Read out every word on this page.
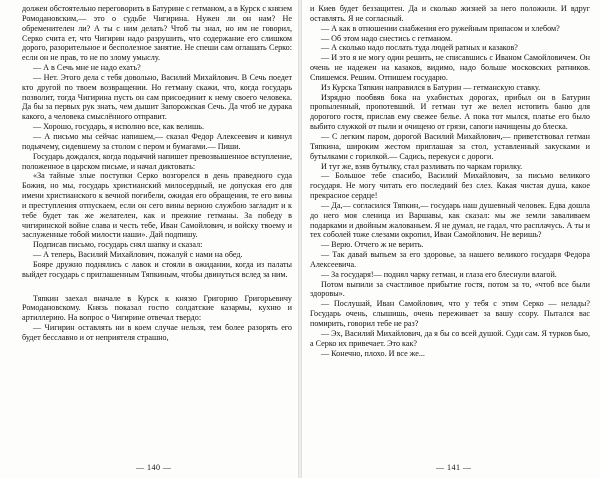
должен обстоятельно переговорить в Батурине с гетманом, а в Курск с князем Ромодановским,— это о судьбе Чигирина. Нужен ли он нам? Не обременителен ли? А ты с ним делать? Чтоб ты знал, но им не говорил, Серко счита ет, что Чигирин надо разрушить, что содержание его слишком дорого, разорительное и бесполезное занятие. Не спеши сам оглашать Серко: если он не прав, то не по злому умыслу.

— А в Сечь мне не надо ехать?

— Нет. Этого дела с тебя довольно, Василий Михайлович. В Сечь поедет кто другой по твоем возвращении. Но гетману скажи, что, когда государь позволит, тогда Чигирина пусть он сам присоединит к нему своего человека. Да бы за первых рук знать, чем дышит Запорожская Сечь. Да чтоб не дурака какого, а человека смыслённого отправит.

— Хорошо, государь, я исполню все, как велишь.

— А письмо мы сейчас напишем,— сказал Федор Алексеевич и кивнул подьячему, сидевшему за столом с пером и бумагами.— Пиши.

Государь дождался, когда подьячий напишет превозвышенное вступление, положенное в царском письме, и начал диктовать:

«За тайные злые поступки Серко возгорелся в день праведного суда Божия, но мы, государь христианский милосердный, не допуская его для имени христианского к вечной погибели, ожидая его обращения, те его вины и преступления отпускаем, если он сего вины верною службою загладит и к тебе будет так же желателен, как и прежние гетманы. За победу в чигиринской войне слава и честь тебе, Иван Самойлович, и войску твоему и заслуженные тобой милости наши». Дай подпишу.

Подписав письмо, государь снял шапку и сказал:

— А теперь, Василий Михайлович, пожалуй с нами на обед.

Бояре дружно поднялись с лавок и стояли в ожидании, когда из палаты выйдет государь с приглашенным Тяпкиным, чтобы двинуться вслед за ним.

Тяпкин заехал вначале в Курск к князю Григорию Григорьевичу Ромодановскому. Князь показал гостю солдатские казармы, кухню и артиллерию. На вопрос о Чигирине отвечал твердо:

— Чигирин оставлять ни в коем случае нельзя, тем более разорять его будет бесславно и от неприятеля страшно,

и Киев будет беззащитен. Да и сколько жизней за него положили. И вдруг оставлять. Я не согласный.

— А как в отношении снабжения его ружейным припасом и хлебом?

— Об этом надо снестись с гетманом.

— А сколько надо послать туда людей ратных и казаков?

— И это я не могу один решить, не списавшись с Иваном Самойловичем. Он очень не надежен на казаков, видимо, надо больше московских ратников. Спишемся. Решим. Отпишем государю.

Из Курска Тяпкин направился в Батурин — гетманскую ставку.

Изрядно пообвяв бока на ухабистых дорогах, прибыл он в Батурин пропыленный, пропотевший. И гетман тут же велел истопить баню для дорогого гостя, прислав ему свежее белье. А пока тот мылся, платье его было выбито служкой от пыли и очищено от грязи, сапоги начищены до блеска.

— С легким паром, дорогой Василий Михайлович,— приветствовал гетман Тяпкина, широким жестом приглашая за стол, уставленный закусками и бутылками с горилкой.— Садись, перекуси с дороги.

И тут же, взяв бутылку, стал разливать по чаркам горилку.

— Большое тебе спасибо, Василий Михайлович, за письмо великого государя. Не могу читать его последний без слез. Какая чистая душа, какое прекрасное сердце!

— Да,— согласился Тяпкин,— государь наш душевный человек. Едва дошла до него моя сленица из Варшавы, как сказал: мы же земли заваливаем подарками и двойным жалованьем. Я не думал, не гадал, что расплачусь. А ты и тех соболей тоже слезами окропил, Иван Самойлович. Не веришь?

— Верю. Отчего ж не верить.

— Так давай выпьем за его здоровье, за нашего великого государя Федора Алексеевича.

— За государя!— поднял чарку гетман, и глаза его блеснули влагой.

Потом выпили за счастливое прибытие гостя, потом за то, «чтоб все были здоровы».

— Послушай, Иван Самойлович, что у тебя с этим Серко — нелады? Государь очень, слышишь, очень переживает за вашу ссору. Пытался вас помирить, говорил тебе не раз?

— Эх, Василий Михайлович, да я бы со всей душой. Суди сам. Я турков бью, а Серко их привечает. Это как?

— Конечно, плохо. И все же...

— 140 —	— 141 —
